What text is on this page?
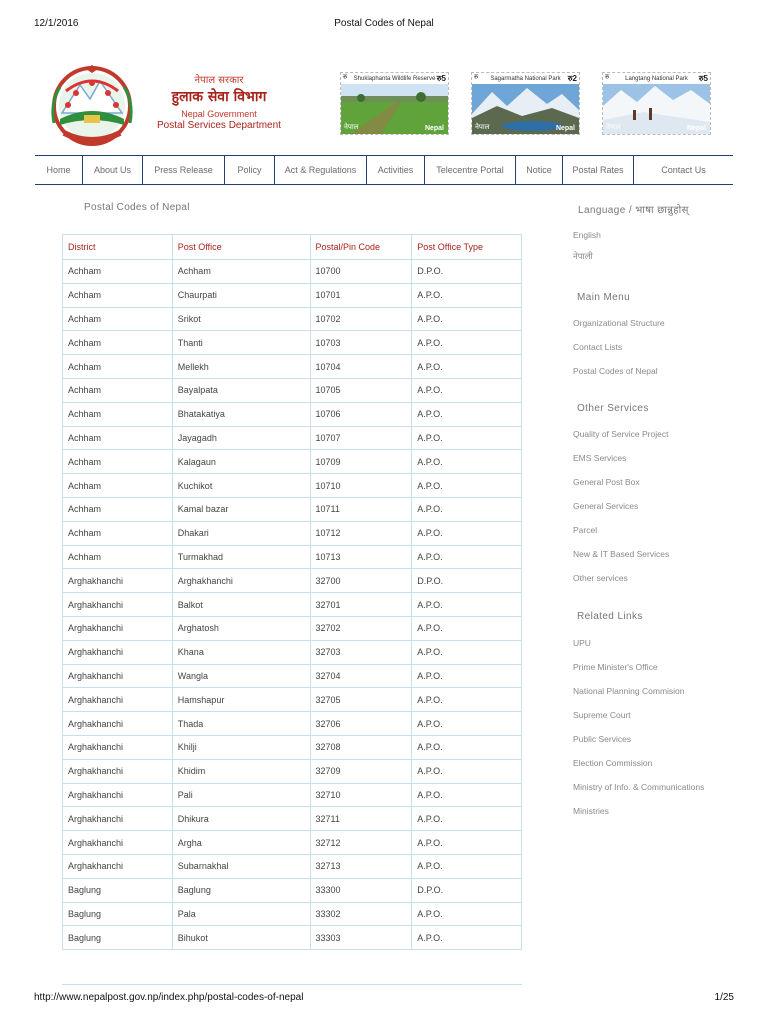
12/1/2016	Postal Codes of Nepal
नेपाल सरकार
हुलाक सेवा विभाग
Nepal Government
Postal Services Department
Shuklaphanta Wildlife Reserve
रु	रु5
नेपाल	Nepal
Sagarmatha National Park
रु	रु2
नेपाल	Nepal
Langtang National Park
रु	रु5
नेपाल	Nepal
Home	About Us	Press Release	Policy	Act & Regulations	Activities	Telecentre Portal	Notice	Postal Rates	Contact Us
Postal Codes of Nepal
District	Post Office	Postal/Pin Code	Post Office Type
Achham	Achham	10700	D.P.O.
Achham	Chaurpati	10701	A.P.O.
Achham	Srikot	10702	A.P.O.
Achham	Thanti	10703	A.P.O.
Achham	Mellekh	10704	A.P.O.
Achham	Bayalpata	10705	A.P.O.
Achham	Bhatakatiya	10706	A.P.O.
Achham	Jayagadh	10707	A.P.O.
Achham	Kalagaun	10709	A.P.O.
Achham	Kuchikot	10710	A.P.O.
Achham	Kamal bazar	10711	A.P.O.
Achham	Dhakari	10712	A.P.O.
Achham	Turmakhad	10713	A.P.O.
Arghakhanchi	Arghakhanchi	32700	D.P.O.
Arghakhanchi	Balkot	32701	A.P.O.
Arghakhanchi	Arghatosh	32702	A.P.O.
Arghakhanchi	Khana	32703	A.P.O.
Arghakhanchi	Wangla	32704	A.P.O.
Arghakhanchi	Hamshapur	32705	A.P.O.
Arghakhanchi	Thada	32706	A.P.O.
Arghakhanchi	Khilji	32708	A.P.O.
Arghakhanchi	Khidim	32709	A.P.O.
Arghakhanchi	Pali	32710	A.P.O.
Arghakhanchi	Dhikura	32711	A.P.O.
Arghakhanchi	Argha	32712	A.P.O.
Arghakhanchi	Subarnakhal	32713	A.P.O.
Baglung	Baglung	33300	D.P.O.
Baglung	Pala	33302	A.P.O.
Baglung	Bihukot	33303	A.P.O.
Language / भाषा छान्नुहोस्
English
नेपाली
Main Menu
Organizational Structure
Contact Lists
Postal Codes of Nepal
Other Services
Quality of Service Project
EMS Services
General Post Box
General Services
Parcel
New & IT Based Services
Other services
Related Links
UPU
Prime Minister's Office
National Planning Commision
Supreme Court
Public Services
Election Commission
Ministry of Info. & Communications
Ministries
http://www.nepalpost.gov.np/index.php/postal-codes-of-nepal	1/25
